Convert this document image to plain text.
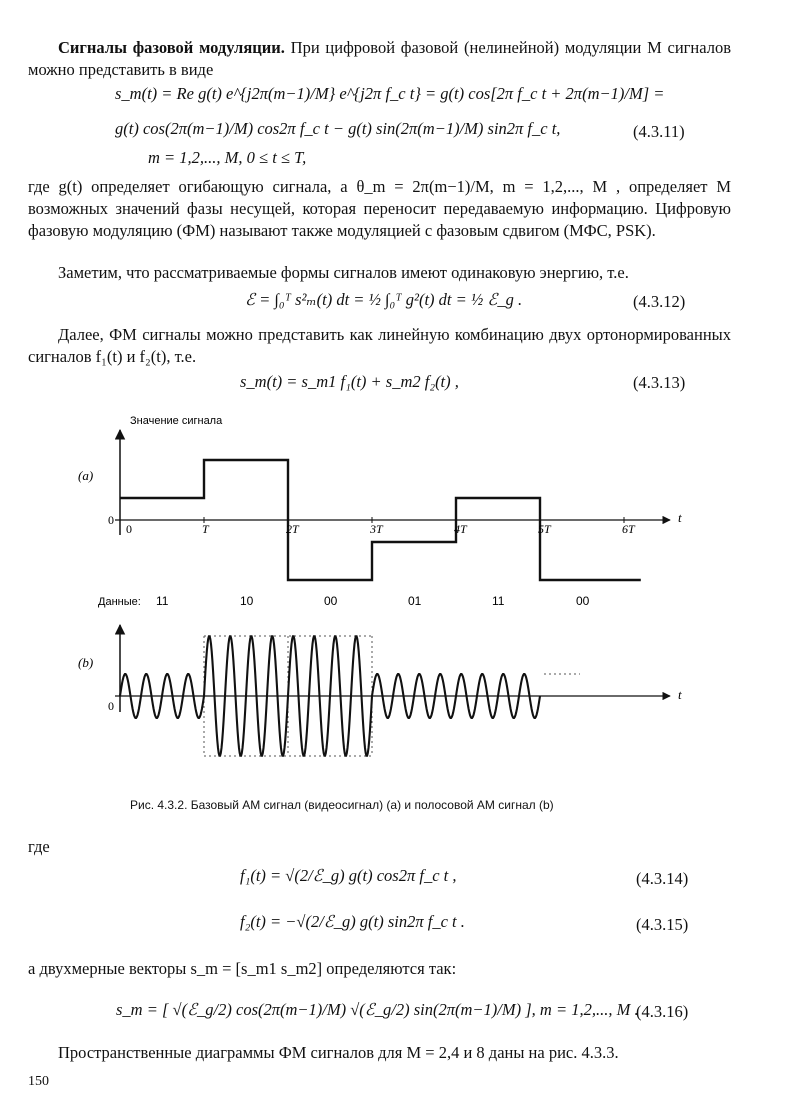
Сигналы фазовой модуляции. При цифровой фазовой (нелинейной) модуляции M сигналов можно представить в виде
s_m(t) = Re g(t) e^{j2π(m−1)/M} e^{j2π f_c t} = g(t) cos[2π f_c t + 2π(m−1)/M] =
g(t) cos(2π(m−1)/M) cos2π f_c t − g(t) sin(2π(m−1)/M) sin2π f_c t,	(4.3.11)
m = 1,2,..., M, 0 ≤ t ≤ T,
где g(t) определяет огибающую сигнала, а θ_m = 2π(m−1)/M, m = 1,2,..., M , определяет M возможных значений фазы несущей, которая переносит передаваемую информацию. Цифровую фазовую модуляцию (ФМ) называют также модуляцией с фазовым сдвигом (МФС, PSK).
Заметим, что рассматриваемые формы сигналов имеют одинаковую энергию, т.е.
ℰ = ∫₀ᵀ s²ₘ(t) dt = ½ ∫₀ᵀ g²(t) dt = ½ ℰ_g .	(4.3.12)
Далее, ФМ сигналы можно представить как линейную комбинацию двух ортонормированных сигналов f₁(t) и f₂(t), т.е.
s_m(t) = s_m1 f₁(t) + s_m2 f₂(t) ,	(4.3.13)
0	T	2T	3T	4T	5T	6T
Значение сигнала
(a)
(b)
0
0
t
t
Данные: 11	10	00	01	11	00
Рис. 4.3.2. Базовый АМ сигнал (видеосигнал) (a) и полосовой АМ сигнал (b)
где
f₁(t) = √(2/ℰ_g) g(t) cos2π f_c t ,	(4.3.14)
f₂(t) = −√(2/ℰ_g) g(t) sin2π f_c t .	(4.3.15)
а двухмерные векторы s_m = [s_m1 s_m2] определяются так:
s_m = [ √(ℰ_g/2) cos(2π(m−1)/M) √(ℰ_g/2) sin(2π(m−1)/M) ], m = 1,2,..., M .
(4.3.16)
Пространственные диаграммы ФМ сигналов для M = 2,4 и 8 даны на рис. 4.3.3.
150
